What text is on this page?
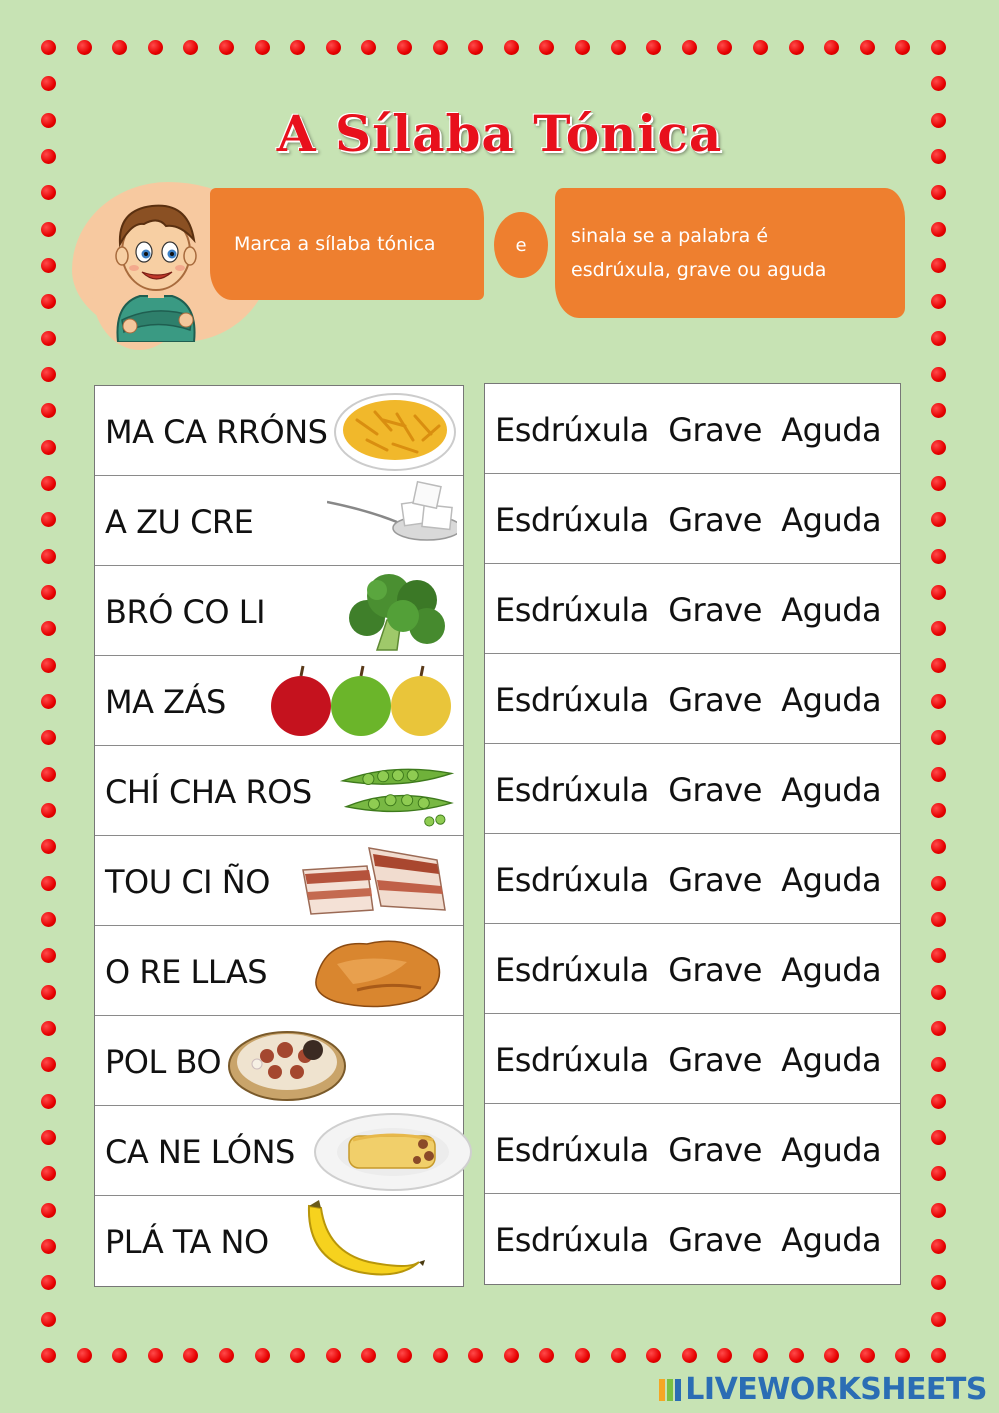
A Sílaba Tónica
Marca a sílaba tónica	e sinala se a palabra é
esdrúxula, grave ou aguda
MA CA RRÓNS
A ZU CRE
BRÓ CO LI
MA ZÁS
CHÍ CHA ROS
TOU CI ÑO
O RE LLAS
POL BO
CA NE LÓNS
PLÁ TA NO
Esdrúxula Grave Aguda
Esdrúxula Grave Aguda
Esdrúxula Grave Aguda
Esdrúxula Grave Aguda
Esdrúxula Grave Aguda
Esdrúxula Grave Aguda
Esdrúxula Grave Aguda
Esdrúxula Grave Aguda
Esdrúxula Grave Aguda
Esdrúxula Grave Aguda
LIVEWORKSHEETS
